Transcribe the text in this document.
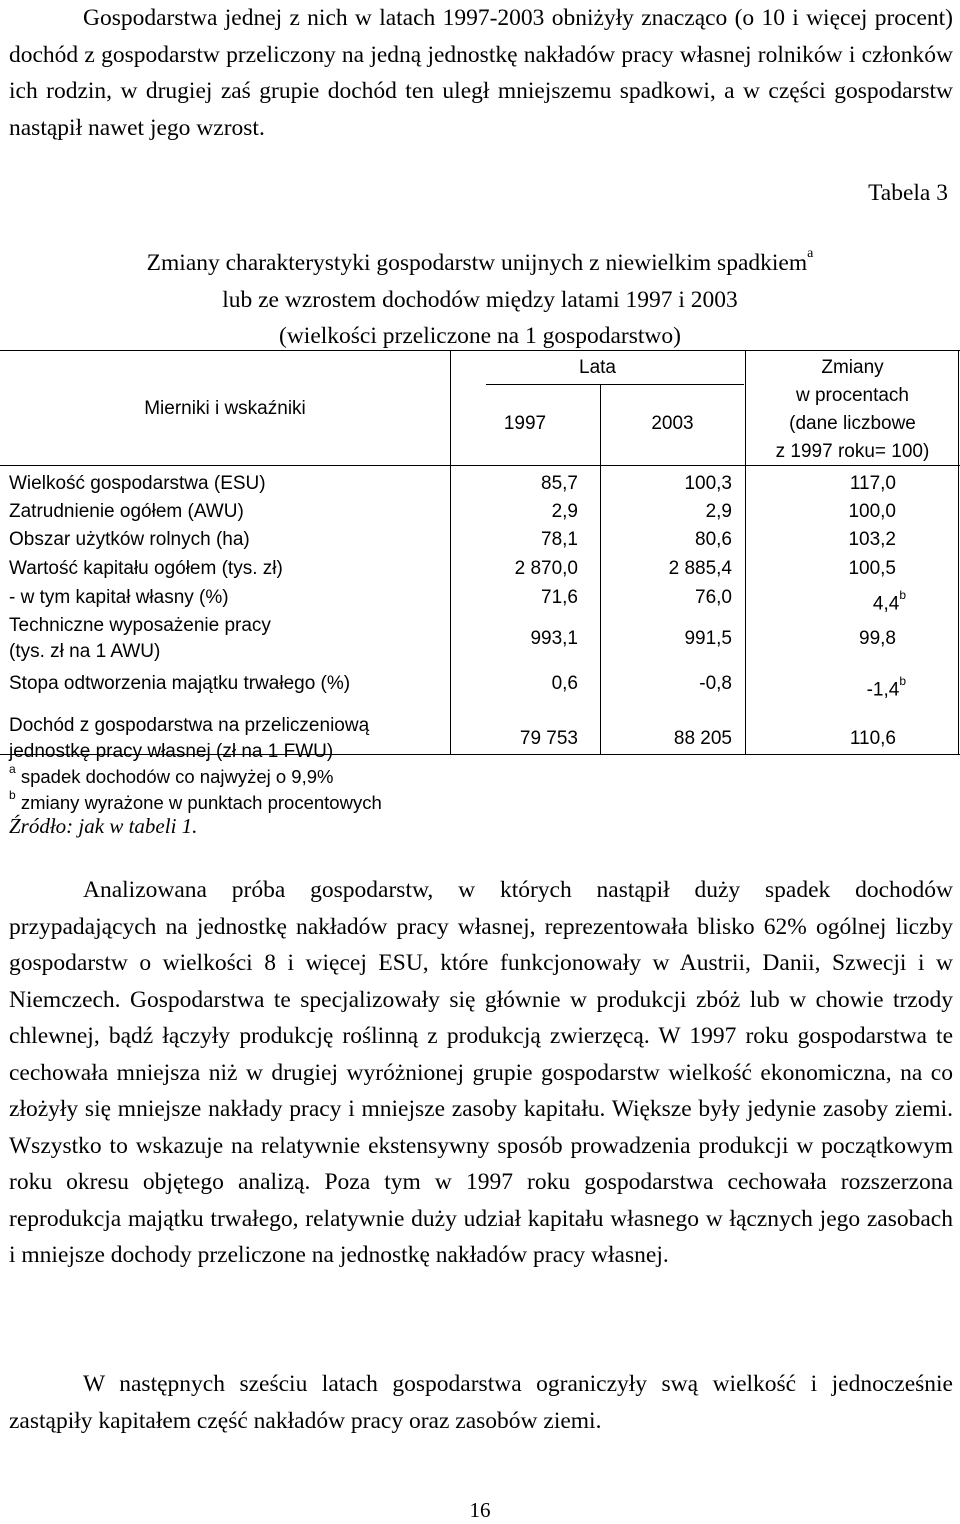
Gospodarstwa jednej z nich w latach 1997-2003 obniżyły znacząco (o 10 i więcej procent) dochód z gospodarstw przeliczony na jedną jednostkę nakładów pracy własnej rolników i członków ich rodzin, w drugiej zaś grupie dochód ten uległ mniejszemu spadkowi, a w części gospodarstw nastąpił nawet jego wzrost.

Tabela 3
Zmiany charakterystyki gospodarstw unijnych z niewielkim spadkiem$^a$
lub ze wzrostem dochodów między latami 1997 i 2003
(wielkości przeliczone na 1 gospodarstwo)
Mierniki i wskaźniki
Lata
1997	2003
Zmiany
w procentach
(dane liczbowe
z 1997 roku= 100)
Wielkość gospodarstwa (ESU)	85,7	100,3	117,0
Zatrudnienie ogółem (AWU)	2,9	2,9	100,0
Obszar użytków rolnych (ha)	78,1	80,6	103,2
Wartość kapitału ogółem (tys. zł)	2 870,0	2 885,4	100,5
- w tym kapitał własny (%)	71,6	76,0	4,4$^b$
Techniczne wyposażenie pracy
(tys. zł na 1 AWU)
993,1	991,5	99,8
Stopa odtworzenia majątku trwałego (%)	0,6	-0,8	-1,4$^b$
Dochód z gospodarstwa na przeliczeniową
jednostkę pracy własnej (zł na 1 FWU)
79 753	88 205	110,6
$^a$ spadek dochodów co najwyżej o 9,9%
$^b$ zmiany wyrażone w punktach procentowych
Źródło: jak w tabeli 1.

Analizowana próba gospodarstw, w których nastąpił duży spadek dochodów przypadających na jednostkę nakładów pracy własnej, reprezentowała blisko 62% ogólnej liczby gospodarstw o wielkości 8 i więcej ESU, które funkcjonowały w Austrii, Danii, Szwecji i w Niemczech. Gospodarstwa te specjalizowały się głównie w produkcji zbóż lub w chowie trzody chlewnej, bądź łączyły produkcję roślinną z produkcją zwierzęcą. W 1997 roku gospodarstwa te cechowała mniejsza niż w drugiej wyróżnionej grupie gospodarstw wielkość ekonomiczna, na co złożyły się mniejsze nakłady pracy i mniejsze zasoby kapitału. Większe były jedynie zasoby ziemi. Wszystko to wskazuje na relatywnie ekstensywny sposób prowadzenia produkcji w początkowym roku okresu objętego analizą. Poza tym w 1997 roku gospodarstwa cechowała rozszerzona reprodukcja majątku trwałego, relatywnie duży udział kapitału własnego w łącznych jego zasobach i mniejsze dochody przeliczone na jednostkę nakładów pracy własnej.

W następnych sześciu latach gospodarstwa ograniczyły swą wielkość i jednocześnie zastąpiły kapitałem część nakładów pracy oraz zasobów ziemi.

16
